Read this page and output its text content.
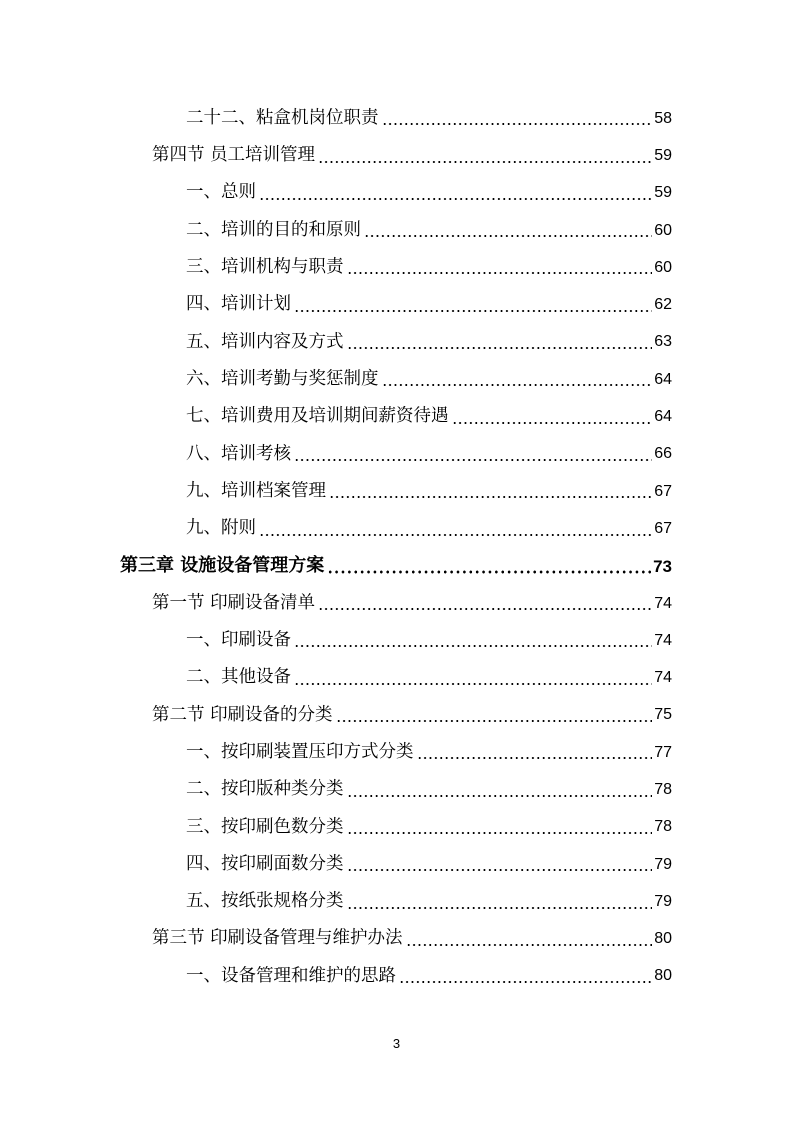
二十二、粘盒机岗位职责	58
第四节 员工培训管理	59
一、总则	59
二、培训的目的和原则	60
三、培训机构与职责	60
四、培训计划	62
五、培训内容及方式	63
六、培训考勤与奖惩制度	64
七、培训费用及培训期间薪资待遇	64
八、培训考核	66
九、培训档案管理	67
九、附则	67
第三章 设施设备管理方案	73
第一节 印刷设备清单	74
一、印刷设备	74
二、其他设备	74
第二节 印刷设备的分类	75
一、按印刷装置压印方式分类	77
二、按印版种类分类	78
三、按印刷色数分类	78
四、按印刷面数分类	79
五、按纸张规格分类	79
第三节 印刷设备管理与维护办法	80
一、设备管理和维护的思路	80
3
